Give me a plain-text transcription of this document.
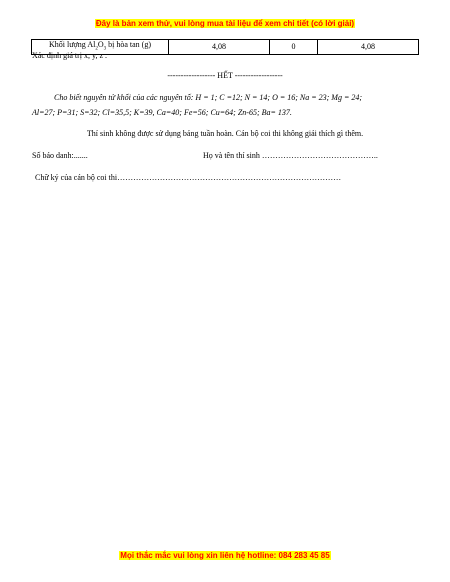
Đây là bản xem thử, vui lòng mua tài liệu để xem chi tiết (có lời giải)
Khối lượng $Al_2O_3$ bị hòa tan (g)	4,08	0	4,08
Xác định giá trị x, y, z .
------------------ HẾT ------------------
Cho biết nguyên tử khối của các nguyên tố: H = 1; C =12; N = 14; O = 16; Na = 23; Mg = 24;
Al=27; P=31; S=32; Cl=35,5; K=39, Ca=40; Fe=56; Cu=64; Zn-65; Ba= 137.
Thí sinh không được sử dụng bảng tuần hoàn. Cán bộ coi thi không giải thích gì thêm.
Số báo danh:.......	Họ và tên thí sinh ……………………………………..
Chữ ký của cán bộ coi thi…………………………………………………………………………
Mọi thắc mắc vui lòng xin liên hệ hotline: 084 283 45 85
